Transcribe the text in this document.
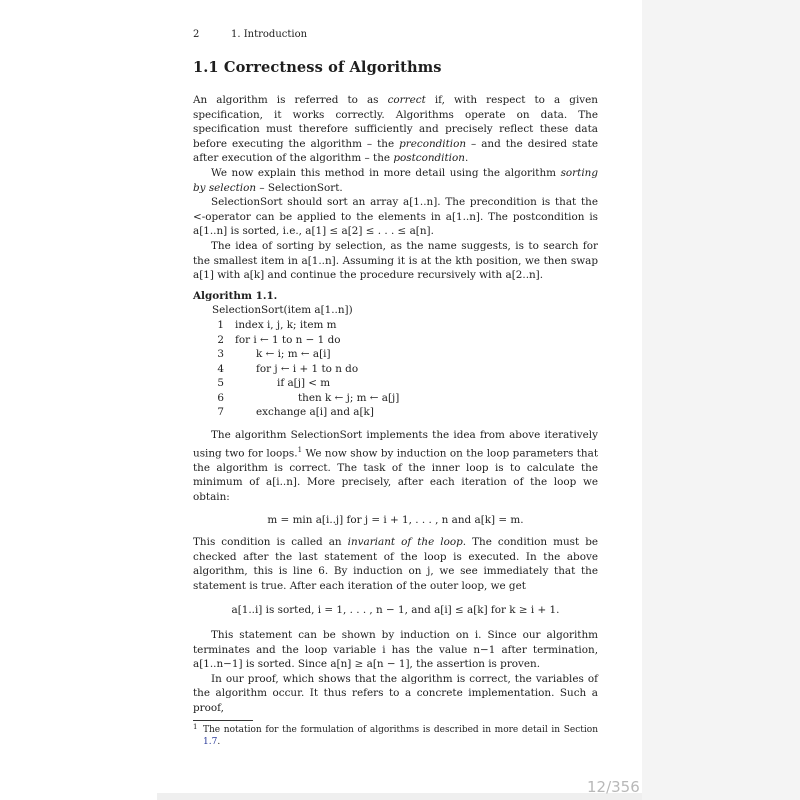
2	1. Introduction
1.1 Correctness of Algorithms

An algorithm is referred to as correct if, with respect to a given specification, it works correctly. Algorithms operate on data. The specification must therefore sufficiently and precisely reflect these data before executing the algorithm – the precondition – and the desired state after execution of the algorithm – the postcondition.

We now explain this method in more detail using the algorithm sorting by selection – SelectionSort.

SelectionSort should sort an array a[1..n]. The precondition is that the <-operator can be applied to the elements in a[1..n]. The postcondition is a[1..n] is sorted, i.e., a[1] ≤ a[2] ≤ . . . ≤ a[n].

The idea of sorting by selection, as the name suggests, is to search for the smallest item in a[1..n]. Assuming it is at the kth position, we then swap a[1] with a[k] and continue the procedure recursively with a[2..n].

Algorithm 1.1.
SelectionSort(item a[1..n])
1 index i, j, k; item m
2 for i ← 1 to n − 1 do
3	k ← i; m ← a[i]
4	for j ← i + 1 to n do
5	if a[j] < m
6	then k ← j; m ← a[j]
7	exchange a[i] and a[k]

The algorithm SelectionSort implements the idea from above iteratively using two for loops.$^1$ We now show by induction on the loop parameters that the algorithm is correct. The task of the inner loop is to calculate the minimum of a[i..n]. More precisely, after each iteration of the loop we obtain:

m = min a[i..j] for j = i + 1, . . . , n and a[k] = m.

This condition is called an invariant of the loop. The condition must be checked after the last statement of the loop is executed. In the above algorithm, this is line 6. By induction on j, we see immediately that the statement is true. After each iteration of the outer loop, we get

a[1..i] is sorted, i = 1, . . . , n − 1, and a[i] ≤ a[k] for k ≥ i + 1.

This statement can be shown by induction on i. Since our algorithm terminates and the loop variable i has the value n−1 after termination, a[1..n−1] is sorted. Since a[n] ≥ a[n − 1], the assertion is proven.

In our proof, which shows that the algorithm is correct, the variables of the algorithm occur. It thus refers to a concrete implementation. Such a proof,

1 The notation for the formulation of algorithms is described in more detail in Section 1.7.
12/356
